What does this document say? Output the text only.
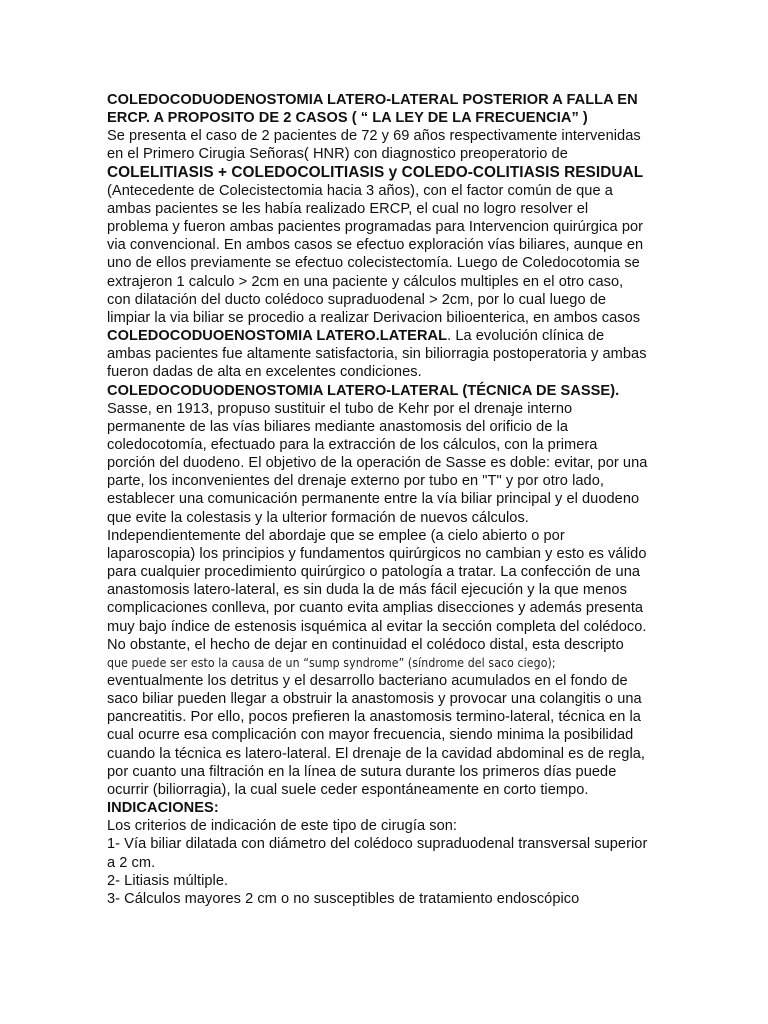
COLEDOCODUODENOSTOMIA LATERO-LATERAL POSTERIOR A FALLA EN
ERCP. A PROPOSITO DE 2 CASOS ( “ LA LEY DE LA FRECUENCIA” )
Se presenta el caso de 2 pacientes de 72 y 69 años respectivamente intervenidas
en el Primero Cirugia Señoras( HNR) con diagnostico preoperatorio de
COLELITIASIS + COLEDOCOLITIASIS y COLEDO-COLITIASIS RESIDUAL
(Antecedente de Colecistectomia hacia 3 años), con el factor común de que a
ambas pacientes se les había realizado ERCP, el cual no logro resolver el
problema y fueron ambas pacientes programadas para Intervencion quirúrgica por
via convencional. En ambos casos se efectuo exploración vías biliares, aunque en
uno de ellos previamente se efectuo colecistectomía. Luego de Coledocotomia se
extrajeron 1 calculo > 2cm en una paciente y cálculos multiples en el otro caso,
con dilatación del ducto colédoco supraduodenal > 2cm, por lo cual luego de
limpiar la via biliar se procedio a realizar Derivacion bilioenterica, en ambos casos
COLEDOCODUOENOSTOMIA LATERO.LATERAL. La evolución clínica de
ambas pacientes fue altamente satisfactoria, sin biliorragia postoperatoria y ambas
fueron dadas de alta en excelentes condiciones.
COLEDOCODUODENOSTOMIA LATERO-LATERAL (TÉCNICA DE SASSE).
Sasse, en 1913, propuso sustituir el tubo de Kehr por el drenaje interno
permanente de las vías biliares mediante anastomosis del orificio de la
coledocotomía, efectuado para la extracción de los cálculos, con la primera
porción del duodeno. El objetivo de la operación de Sasse es doble: evitar, por una
parte, los inconvenientes del drenaje externo por tubo en "T" y por otro lado,
establecer una comunicación permanente entre la vía biliar principal y el duodeno
que evite la colestasis y la ulterior formación de nuevos cálculos.
Independientemente del abordaje que se emplee (a cielo abierto o por
laparoscopia) los principios y fundamentos quirúrgicos no cambian y esto es válido
para cualquier procedimiento quirúrgico o patología a tratar. La confección de una
anastomosis latero-lateral, es sin duda la de más fácil ejecución y la que menos
complicaciones conlleva, por cuanto evita amplias disecciones y además presenta
muy bajo índice de estenosis isquémica al evitar la sección completa del colédoco.
No obstante, el hecho de dejar en continuidad el colédoco distal, esta descripto
que puede ser esto la causa de un “sump syndrome” (síndrome del saco ciego);
eventualmente los detritus y el desarrollo bacteriano acumulados en el fondo de
saco biliar pueden llegar a obstruir la anastomosis y provocar una colangitis o una
pancreatitis. Por ello, pocos prefieren la anastomosis termino-lateral, técnica en la
cual ocurre esa complicación con mayor frecuencia, siendo minima la posibilidad
cuando la técnica es latero-lateral. El drenaje de la cavidad abdominal es de regla,
por cuanto una filtración en la línea de sutura durante los primeros días puede
ocurrir (biliorragia), la cual suele ceder espontáneamente en corto tiempo.
INDICACIONES:
Los criterios de indicación de este tipo de cirugía son:
1- Vía biliar dilatada con diámetro del colédoco supraduodenal transversal superior
a 2 cm.
2- Litiasis múltiple.
3- Cálculos mayores 2 cm o no susceptibles de tratamiento endoscópico
